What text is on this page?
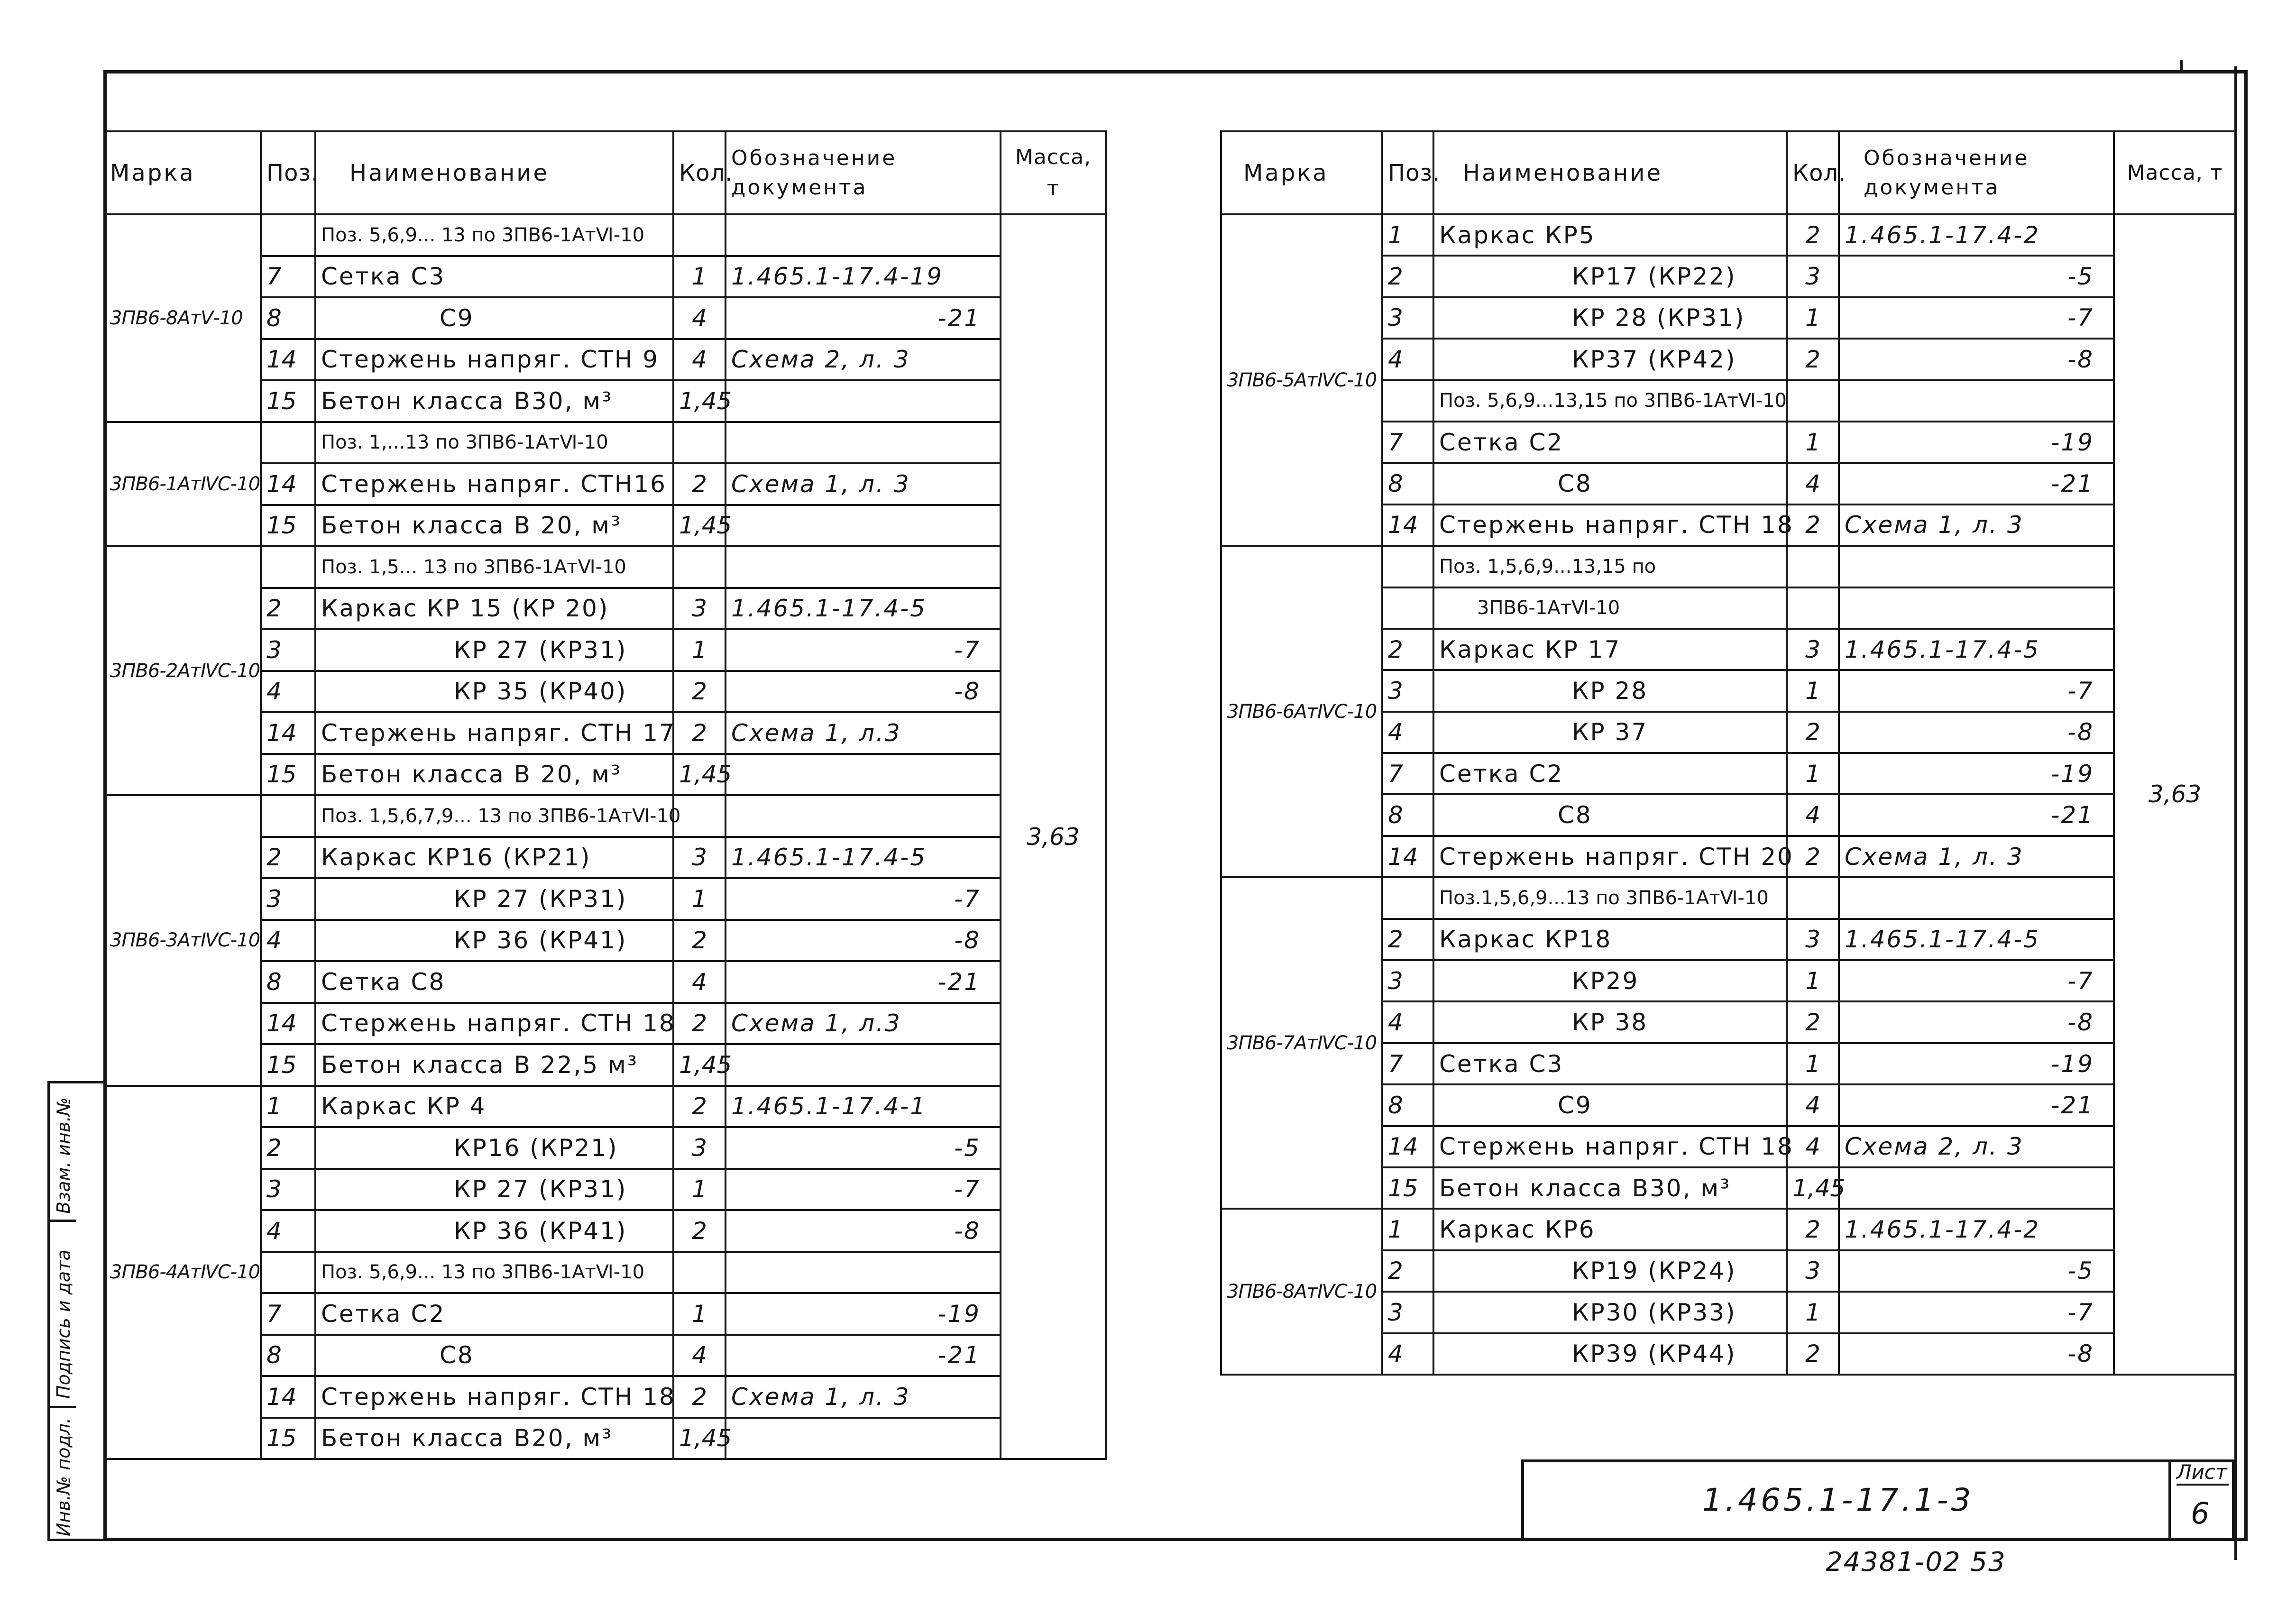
Марка	Поз.	Наименование	Кол.	Обозначение документа	Масса, т
3ПВ6-8АтⅤ-10		Поз. 5,6,9... 13 по 3ПВ6-1АтⅥ-10			3,63
	7	Сетка С3	1	1.465.1-17.4-19	
	8	С9	4	-21	
	14	Стержень напряг. СТН 9	4	Схема 2, л. 3	
	15	Бетон класса В30, м³	1,45		
3ПВ6-1АтⅣС-10		Поз. 1,...13 по 3ПВ6-1АтⅥ-10			
	14	Стержень напряг. СТН16	2	Схема 1, л. 3	
	15	Бетон класса В 20, м³	1,45		
3ПВ6-2АтⅣС-10		Поз. 1,5... 13 по 3ПВ6-1АтⅥ-10			
	2	Каркас КР 15 (КР 20)	3	1.465.1-17.4-5	
	3	КР 27 (КР31)	1	-7	
	4	КР 35 (КР40)	2	-8	
	14	Стержень напряг. СТН 17	2	Схема 1, л.3	
	15	Бетон класса В 20, м³	1,45		
3ПВ6-3АтⅣС-10		Поз. 1,5,6,7,9... 13 по 3ПВ6-1АтⅥ-10			
	2	Каркас КР16 (КР21)	3	1.465.1-17.4-5	
	3	КР 27 (КР31)	1	-7	
	4	КР 36 (КР41)	2	-8	
	8	Сетка С8	4	-21	
	14	Стержень напряг. СТН 18	2	Схема 1, л.3	
	15	Бетон класса В 22,5 м³	1,45		
3ПВ6-4АтⅣС-10	1	Каркас КР 4	2	1.465.1-17.4-1	
	2	КР16 (КР21)	3	-5	
	3	КР 27 (КР31)	1	-7	
	4	КР 36 (КР41)	2	-8	
		Поз. 5,6,9... 13 по 3ПВ6-1АтⅥ-10			
	7	Сетка С2	1	-19	
	8	С8	4	-21	
	14	Стержень напряг. СТН 18	2	Схема 1, л. 3	
	15	Бетон класса В20, м³	1,45		
Марка	Поз.	Наименование	Кол.	Обозначение документа	Масса, т
3ПВ6-5АтⅣС-10	1	Каркас КР5	2	1.465.1-17.4-2	3,63
	2	КР17 (КР22)	3	-5	
	3	КР 28 (КР31)	1	-7	
	4	КР37 (КР42)	2	-8	
		Поз. 5,6,9...13,15 по 3ПВ6-1АтⅥ-10			
	7	Сетка С2	1	-19	
	8	С8	4	-21	
	14	Стержень напряг. СТН 18	2	Схема 1, л. 3	
3ПВ6-6АтⅣС-10		Поз. 1,5,6,9...13,15 по			
		3ПВ6-1АтⅥ-10			
	2	Каркас КР 17	3	1.465.1-17.4-5	
	3	КР 28	1	-7	
	4	КР 37	2	-8	
	7	Сетка С2	1	-19	
	8	С8	4	-21	
	14	Стержень напряг. СТН 20	2	Схема 1, л. 3	
3ПВ6-7АтⅣС-10		Поз.1,5,6,9...13 по 3ПВ6-1АтⅥ-10			
	2	Каркас КР18	3	1.465.1-17.4-5	
	3	КР29	1	-7	
	4	КР 38	2	-8	
	7	Сетка С3	1	-19	
	8	С9	4	-21	
	14	Стержень напряг. СТН 18	4	Схема 2, л. 3	
	15	Бетон класса В30, м³	1,45		
3ПВ6-8АтⅣС-10	1	Каркас КР6	2	1.465.1-17.4-2	
	2	КР19 (КР24)	3	-5	
	3	КР30 (КР33)	1	-7	
	4	КР39 (КР44)	2	-8	
1.465.1-17.1-3
Лист
6
24381-02 53
Взам. инв.№
Подпись и дата
Инв.№ подл.
